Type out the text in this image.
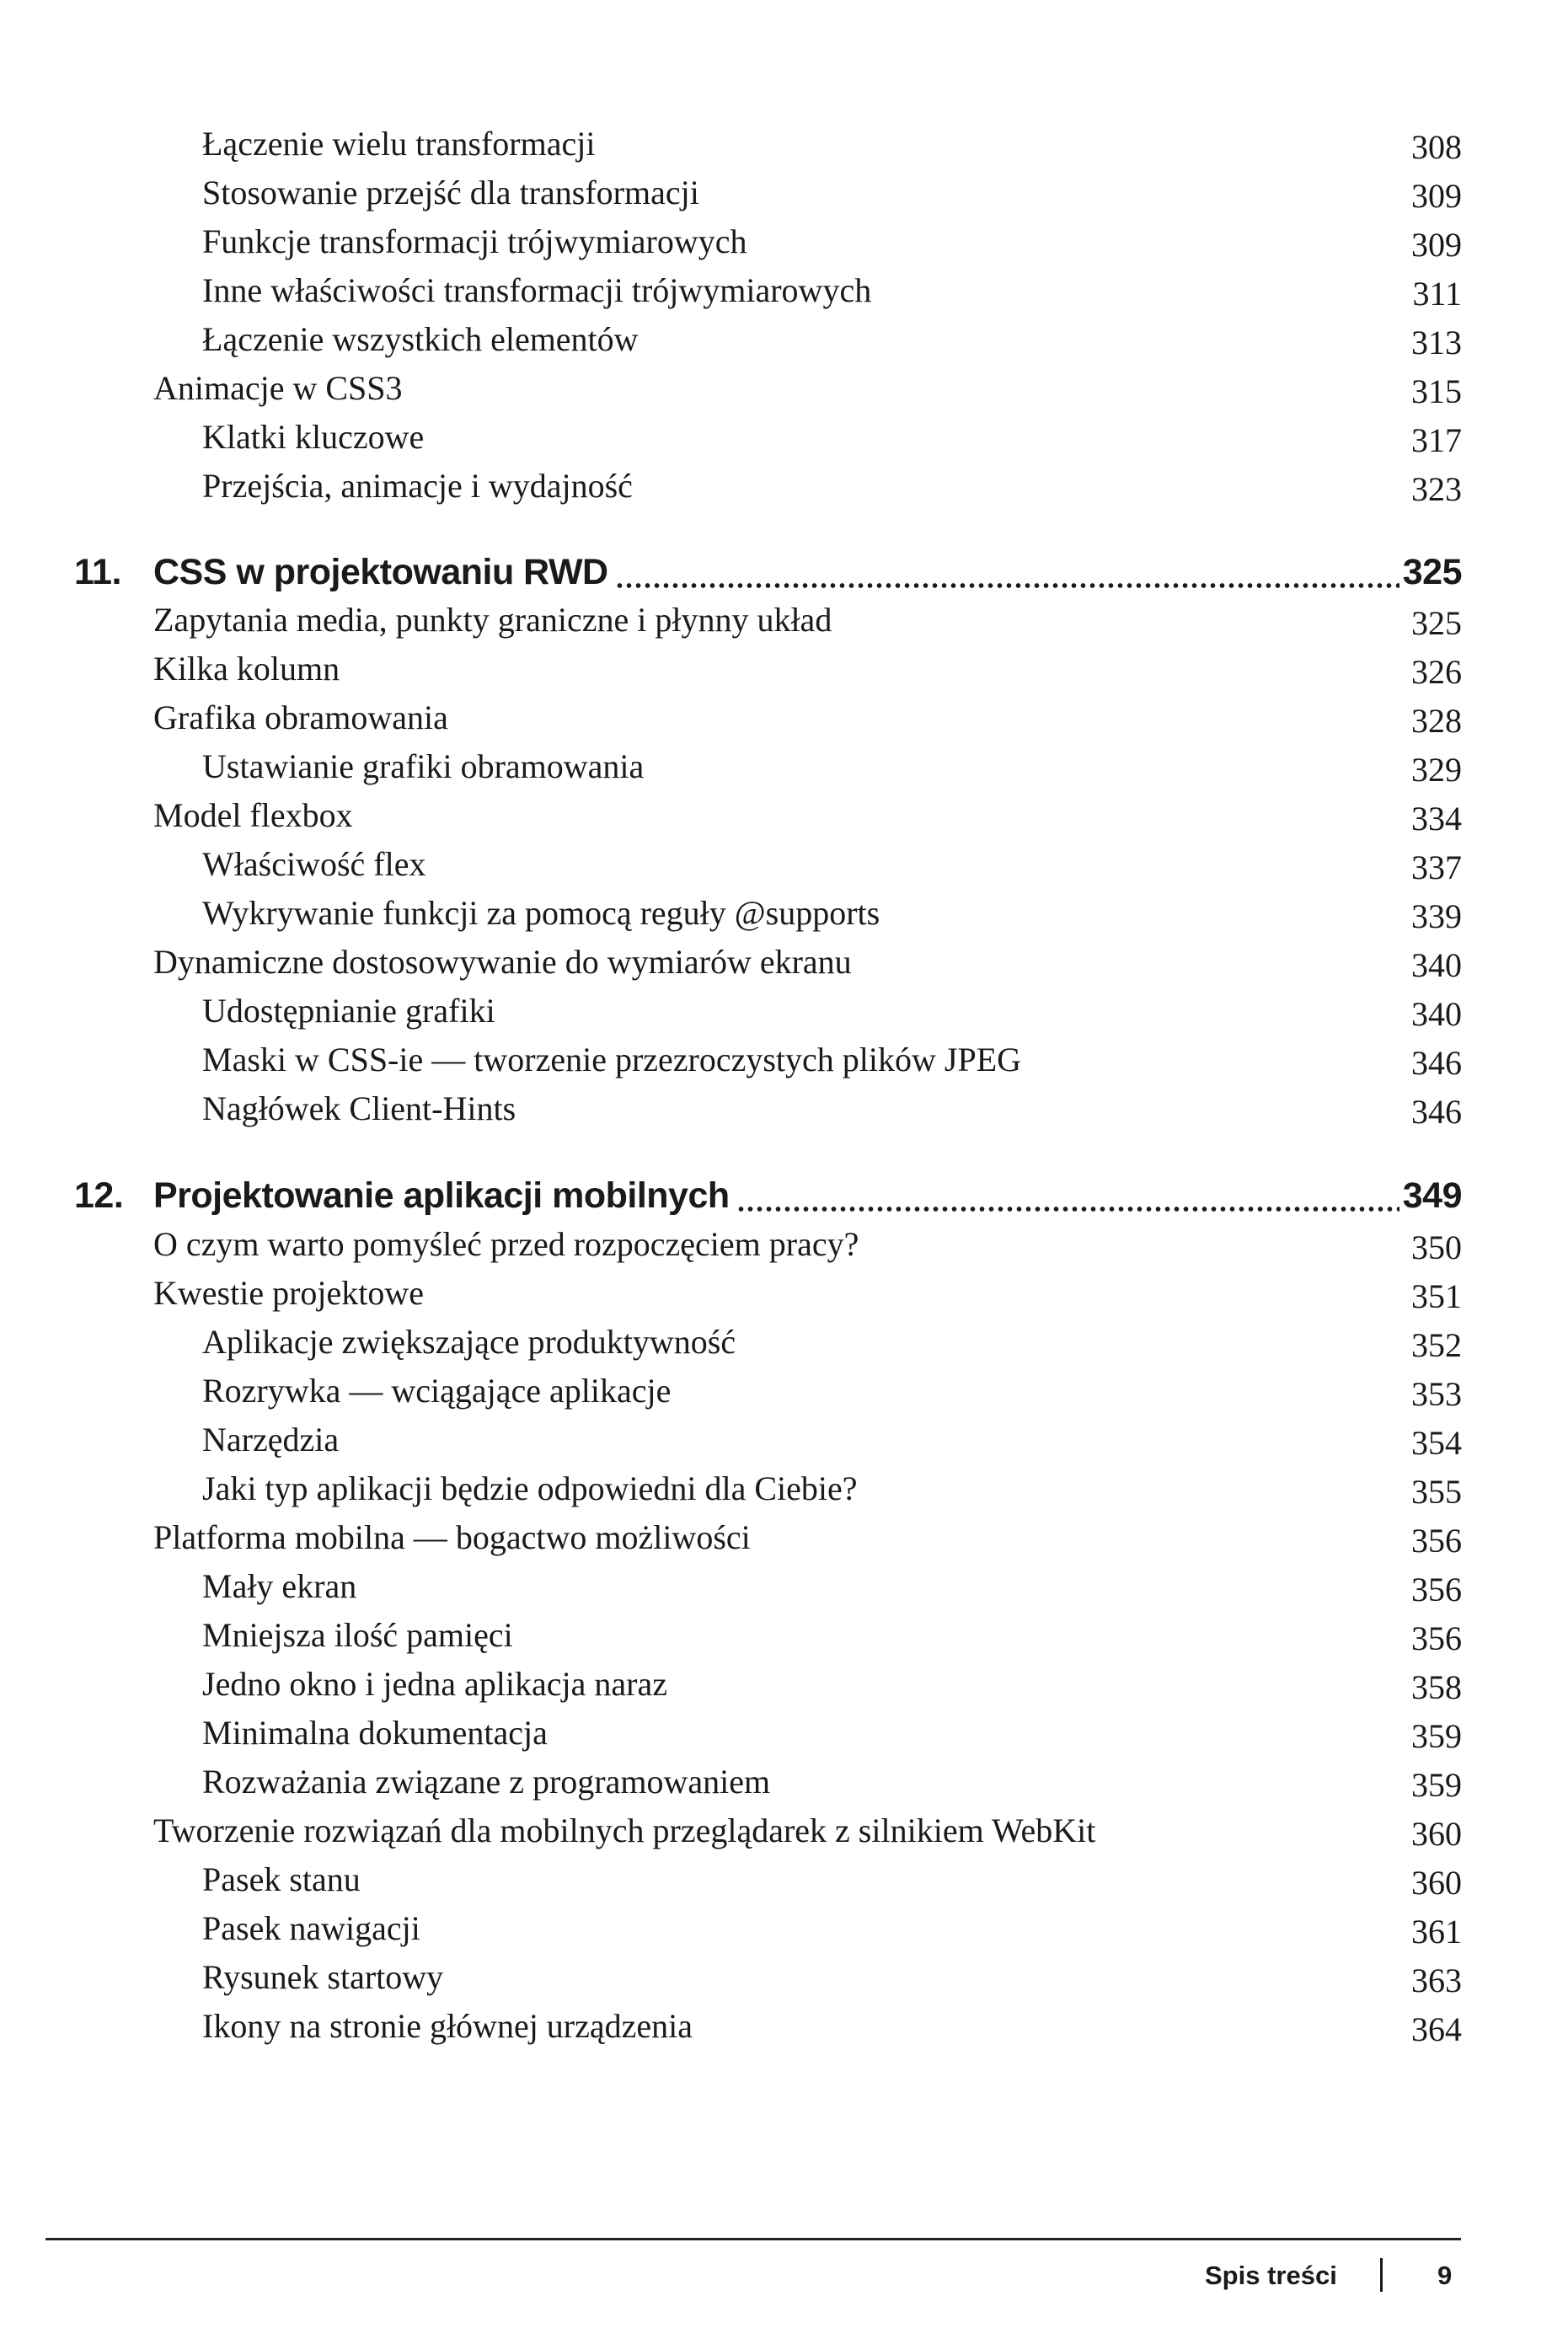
Łączenie wielu transformacji	308
Stosowanie przejść dla transformacji	309
Funkcje transformacji trójwymiarowych	309
Inne właściwości transformacji trójwymiarowych	311
Łączenie wszystkich elementów	313
Animacje w CSS3	315
Klatki kluczowe	317
Przejścia, animacje i wydajność	323
11. CSS w projektowaniu RWD	325
Zapytania media, punkty graniczne i płynny układ	325
Kilka kolumn	326
Grafika obramowania	328
Ustawianie grafiki obramowania	329
Model flexbox	334
Właściwość flex	337
Wykrywanie funkcji za pomocą reguły @supports	339
Dynamiczne dostosowywanie do wymiarów ekranu	340
Udostępnianie grafiki	340
Maski w CSS-ie — tworzenie przezroczystych plików JPEG	346
Nagłówek Client-Hints	346
12. Projektowanie aplikacji mobilnych	349
O czym warto pomyśleć przed rozpoczęciem pracy?	350
Kwestie projektowe	351
Aplikacje zwiększające produktywność	352
Rozrywka — wciągające aplikacje	353
Narzędzia	354
Jaki typ aplikacji będzie odpowiedni dla Ciebie?	355
Platforma mobilna — bogactwo możliwości	356
Mały ekran	356
Mniejsza ilość pamięci	356
Jedno okno i jedna aplikacja naraz	358
Minimalna dokumentacja	359
Rozważania związane z programowaniem	359
Tworzenie rozwiązań dla mobilnych przeglądarek z silnikiem WebKit	360
Pasek stanu	360
Pasek nawigacji	361
Rysunek startowy	363
Ikony na stronie głównej urządzenia	364
Spis treści	9
